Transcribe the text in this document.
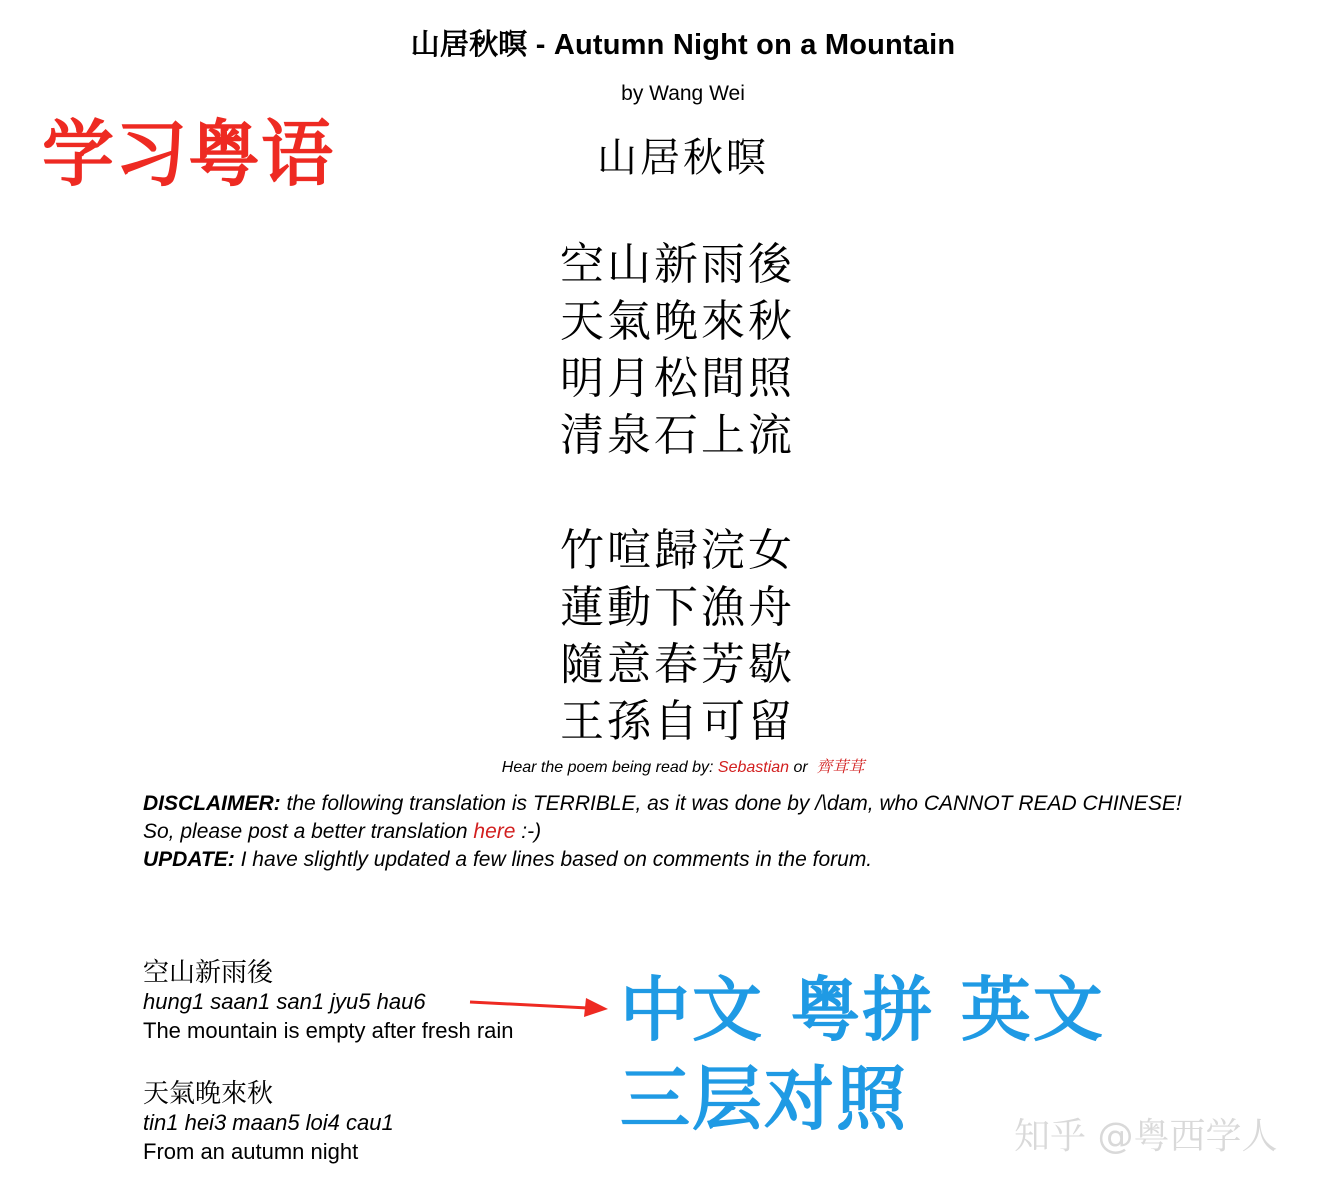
山居秋暝 - Autumn Night on a Mountain
by Wang Wei
山居秋暝
空山新雨後
天氣晚來秋
明月松間照
清泉石上流
竹喧歸浣女
蓮動下漁舟
隨意春芳歇
王孫自可留
Hear the poem being read by: Sebastian or 齊茸茸
DISCLAIMER: the following translation is TERRIBLE, as it was done by /\dam, who CANNOT READ CHINESE!
So, please post a better translation here :-)
UPDATE: I have slightly updated a few lines based on comments in the forum.
空山新雨後
hung1 saan1 san1 jyu5 hau6
The mountain is empty after fresh rain
天氣晚來秋
tin1 hei3 maan5 loi4 cau1
From an autumn night
学习粤语
中文 粤拼 英文
三层对照	知乎 @粤西学人
